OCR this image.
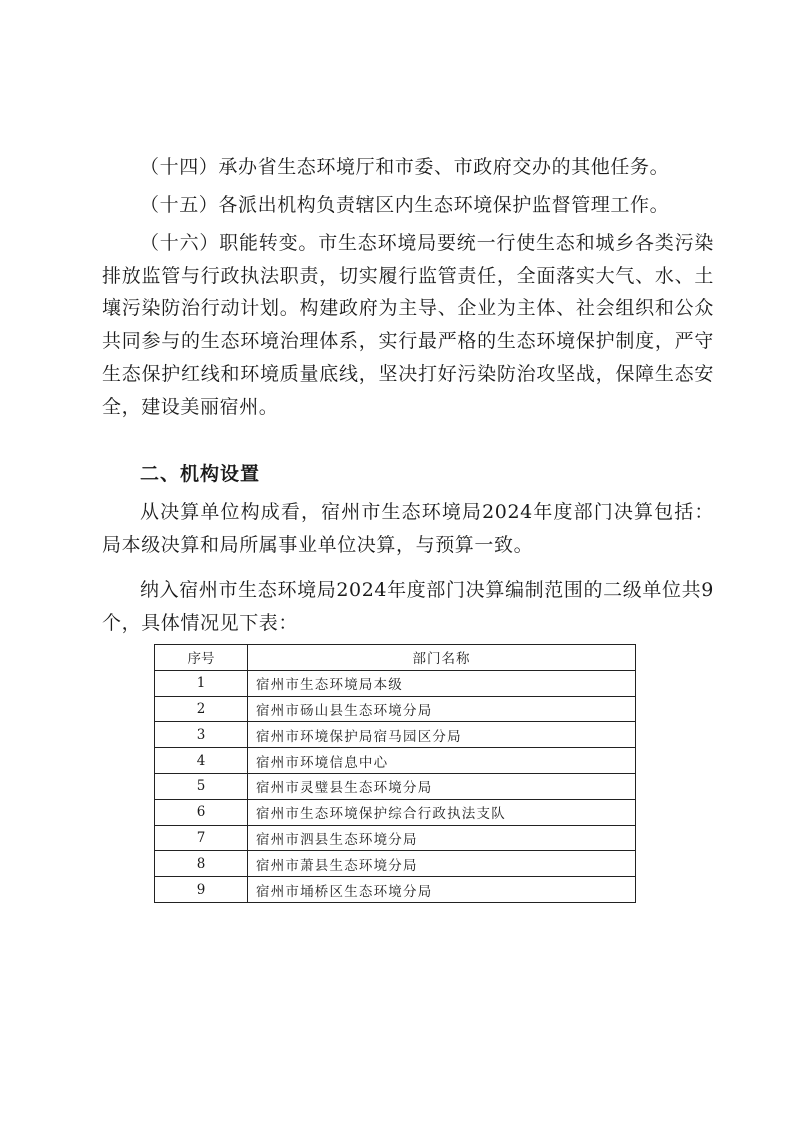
（十四）承办省生态环境厅和市委、市政府交办的其他任务。

（十五）各派出机构负责辖区内生态环境保护监督管理工作。

（十六）职能转变。市生态环境局要统一行使生态和城乡各类污染排放监管与行政执法职责，切实履行监管责任，全面落实大气、水、土壤污染防治行动计划。构建政府为主导、企业为主体、社会组织和公众共同参与的生态环境治理体系，实行最严格的生态环境保护制度，严守生态保护红线和环境质量底线，坚决打好污染防治攻坚战，保障生态安全，建设美丽宿州。

二、机构设置

从决算单位构成看，宿州市生态环境局2024年度部门决算包括：局本级决算和局所属事业单位决算，与预算一致。

纳入宿州市生态环境局2024年度部门决算编制范围的二级单位共9个，具体情况见下表：

序号	部门名称
1	宿州市生态环境局本级
2	宿州市砀山县生态环境分局
3	宿州市环境保护局宿马园区分局
4	宿州市环境信息中心
5	宿州市灵璧县生态环境分局
6	宿州市生态环境保护综合行政执法支队
7	宿州市泗县生态环境分局
8	宿州市萧县生态环境分局
9	宿州市埇桥区生态环境分局
